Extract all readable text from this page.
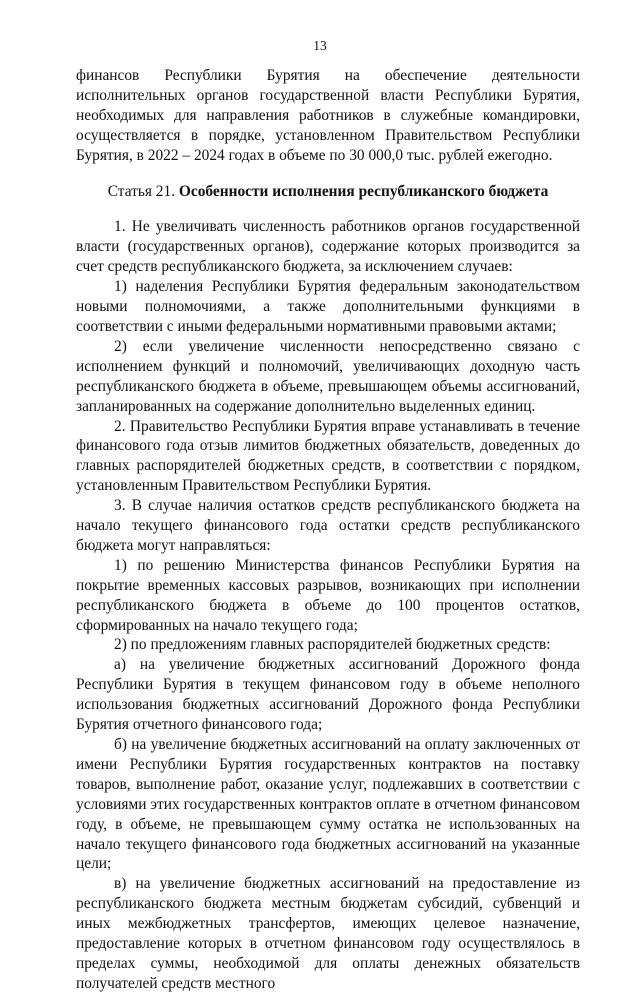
13

финансов Республики Бурятия на обеспечение деятельности исполнительных органов государственной власти Республики Бурятия, необходимых для направления работников в служебные командировки, осуществляется в порядке, установленном Правительством Республики Бурятия, в 2022 – 2024 годах в объеме по 30 000,0 тыс. рублей ежегодно.

Статья 21. Особенности исполнения республиканского бюджета

1. Не увеличивать численность работников органов государственной власти (государственных органов), содержание которых производится за счет средств республиканского бюджета, за исключением случаев:

1) наделения Республики Бурятия федеральным законодательством новыми полномочиями, а также дополнительными функциями в соответствии с иными федеральными нормативными правовыми актами;

2) если увеличение численности непосредственно связано с исполнением функций и полномочий, увеличивающих доходную часть республиканского бюджета в объеме, превышающем объемы ассигнований, запланированных на содержание дополнительно выделенных единиц.

2. Правительство Республики Бурятия вправе устанавливать в течение финансового года отзыв лимитов бюджетных обязательств, доведенных до главных распорядителей бюджетных средств, в соответствии с порядком, установленным Правительством Республики Бурятия.

3. В случае наличия остатков средств республиканского бюджета на начало текущего финансового года остатки средств республиканского бюджета могут направляться:

1) по решению Министерства финансов Республики Бурятия на покрытие временных кассовых разрывов, возникающих при исполнении республиканского бюджета в объеме до 100 процентов остатков, сформированных на начало текущего года;

2) по предложениям главных распорядителей бюджетных средств:

а) на увеличение бюджетных ассигнований Дорожного фонда Республики Бурятия в текущем финансовом году в объеме неполного использования бюджетных ассигнований Дорожного фонда Республики Бурятия отчетного финансового года;

б) на увеличение бюджетных ассигнований на оплату заключенных от имени Республики Бурятия государственных контрактов на поставку товаров, выполнение работ, оказание услуг, подлежавших в соответствии с условиями этих государственных контрактов оплате в отчетном финансовом году, в объеме, не превышающем сумму остатка не использованных на начало текущего финансового года бюджетных ассигнований на указанные цели;

в) на увеличение бюджетных ассигнований на предоставление из республиканского бюджета местным бюджетам субсидий, субвенций и иных межбюджетных трансфертов, имеющих целевое назначение, предоставление которых в отчетном финансовом году осуществлялось в пределах суммы, необходимой для оплаты денежных обязательств получателей средств местного
